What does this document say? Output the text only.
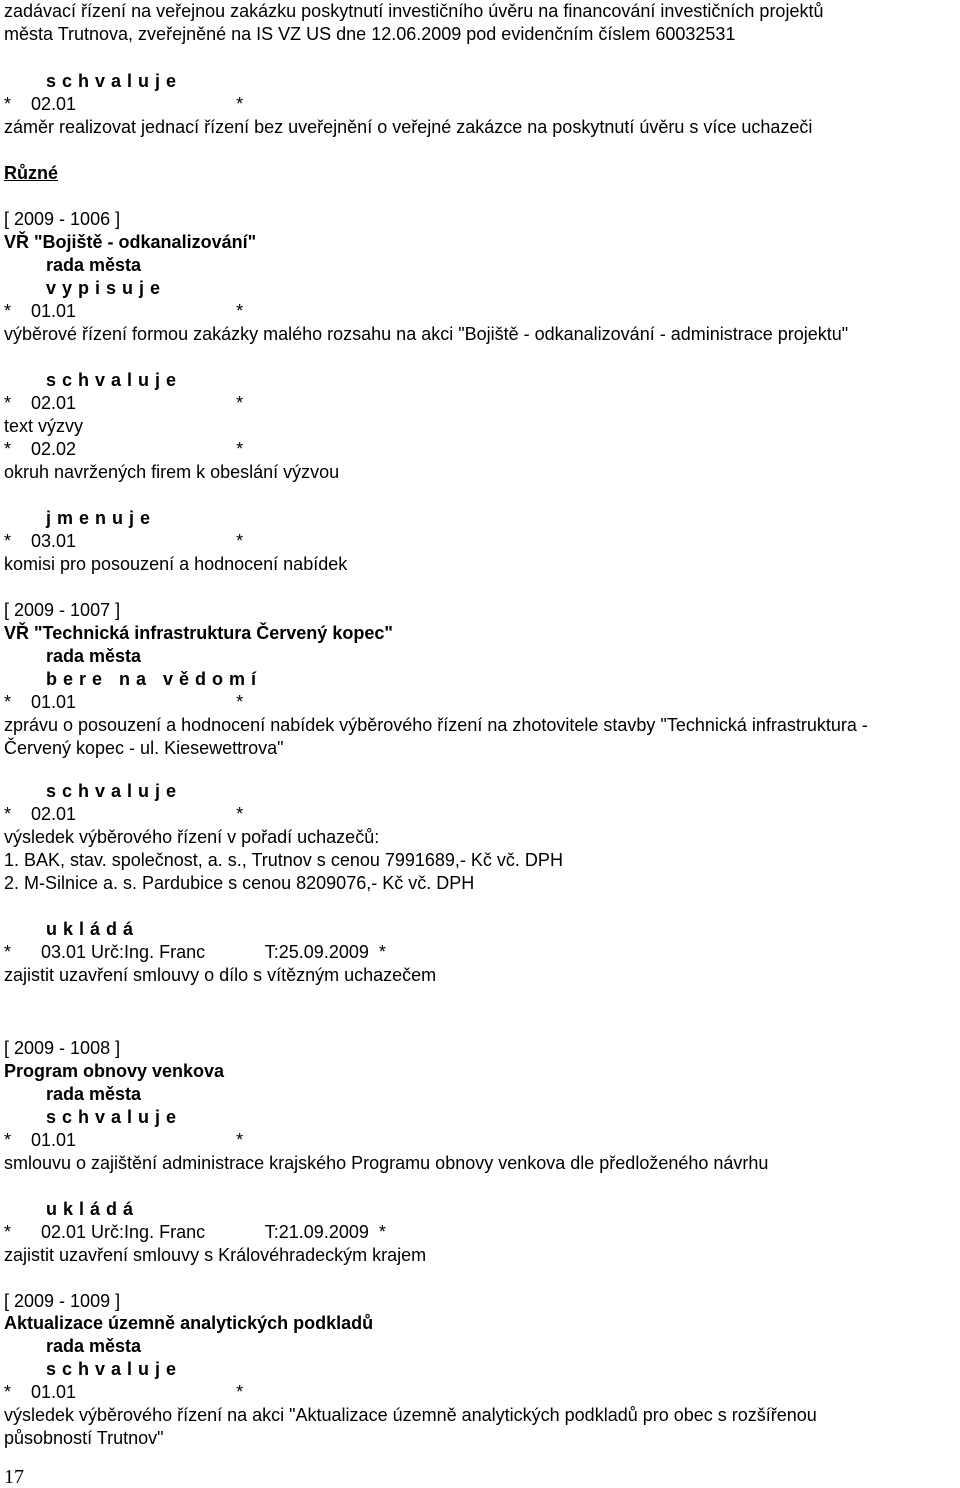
zadávací řízení na veřejnou zakázku poskytnutí investičního úvěru na financování investičních projektů
města Trutnova, zveřejněné na IS VZ US dne 12.06.2009 pod evidenčním číslem 60032531
s c h v a l u j e
*    02.01                                *
záměr realizovat jednací řízení bez uveřejnění o veřejné zakázce na poskytnutí úvěru s více uchazeči
Různé
[ 2009 - 1006 ]
VŘ "Bojiště - odkanalizování"
rada města
v y p i s u j e
*    01.01                                *
výběrové řízení formou zakázky malého rozsahu na akci "Bojiště - odkanalizování - administrace projektu"
s c h v a l u j e
*    02.01                                *
text výzvy
*    02.02                                *
okruh navržených firem k obeslání výzvou
j m e n u j e
*    03.01                                *
komisi pro posouzení a hodnocení nabídek
[ 2009 - 1007 ]
VŘ "Technická infrastruktura Červený kopec"
rada města
b e r e   n a   v ě d o m í
*    01.01                                *
zprávu o posouzení a hodnocení nabídek výběrového řízení na zhotovitele stavby "Technická infrastruktura -
Červený kopec - ul. Kiesewettrova"
s c h v a l u j e
*    02.01                                *
výsledek výběrového řízení v pořadí uchazečů:
1. BAK, stav. společnost, a. s., Trutnov s cenou 7991689,- Kč vč. DPH
2. M-Silnice a. s. Pardubice s cenou 8209076,- Kč vč. DPH
u k l á d á
*      03.01 Urč:Ing. Franc            T:25.09.2009  *
zajistit uzavření smlouvy o dílo s vítězným uchazečem
[ 2009 - 1008 ]
Program obnovy venkova
rada města
s c h v a l u j e
*    01.01                                *
smlouvu o zajištění administrace krajského Programu obnovy venkova dle předloženého návrhu
u k l á d á
*      02.01 Urč:Ing. Franc            T:21.09.2009  *
zajistit uzavření smlouvy s Královéhradeckým krajem
[ 2009 - 1009 ]
Aktualizace územně analytických podkladů
rada města
s c h v a l u j e
*    01.01                                *
výsledek výběrového řízení na akci "Aktualizace územně analytických podkladů pro obec s rozšířenou
působností Trutnov"
17
